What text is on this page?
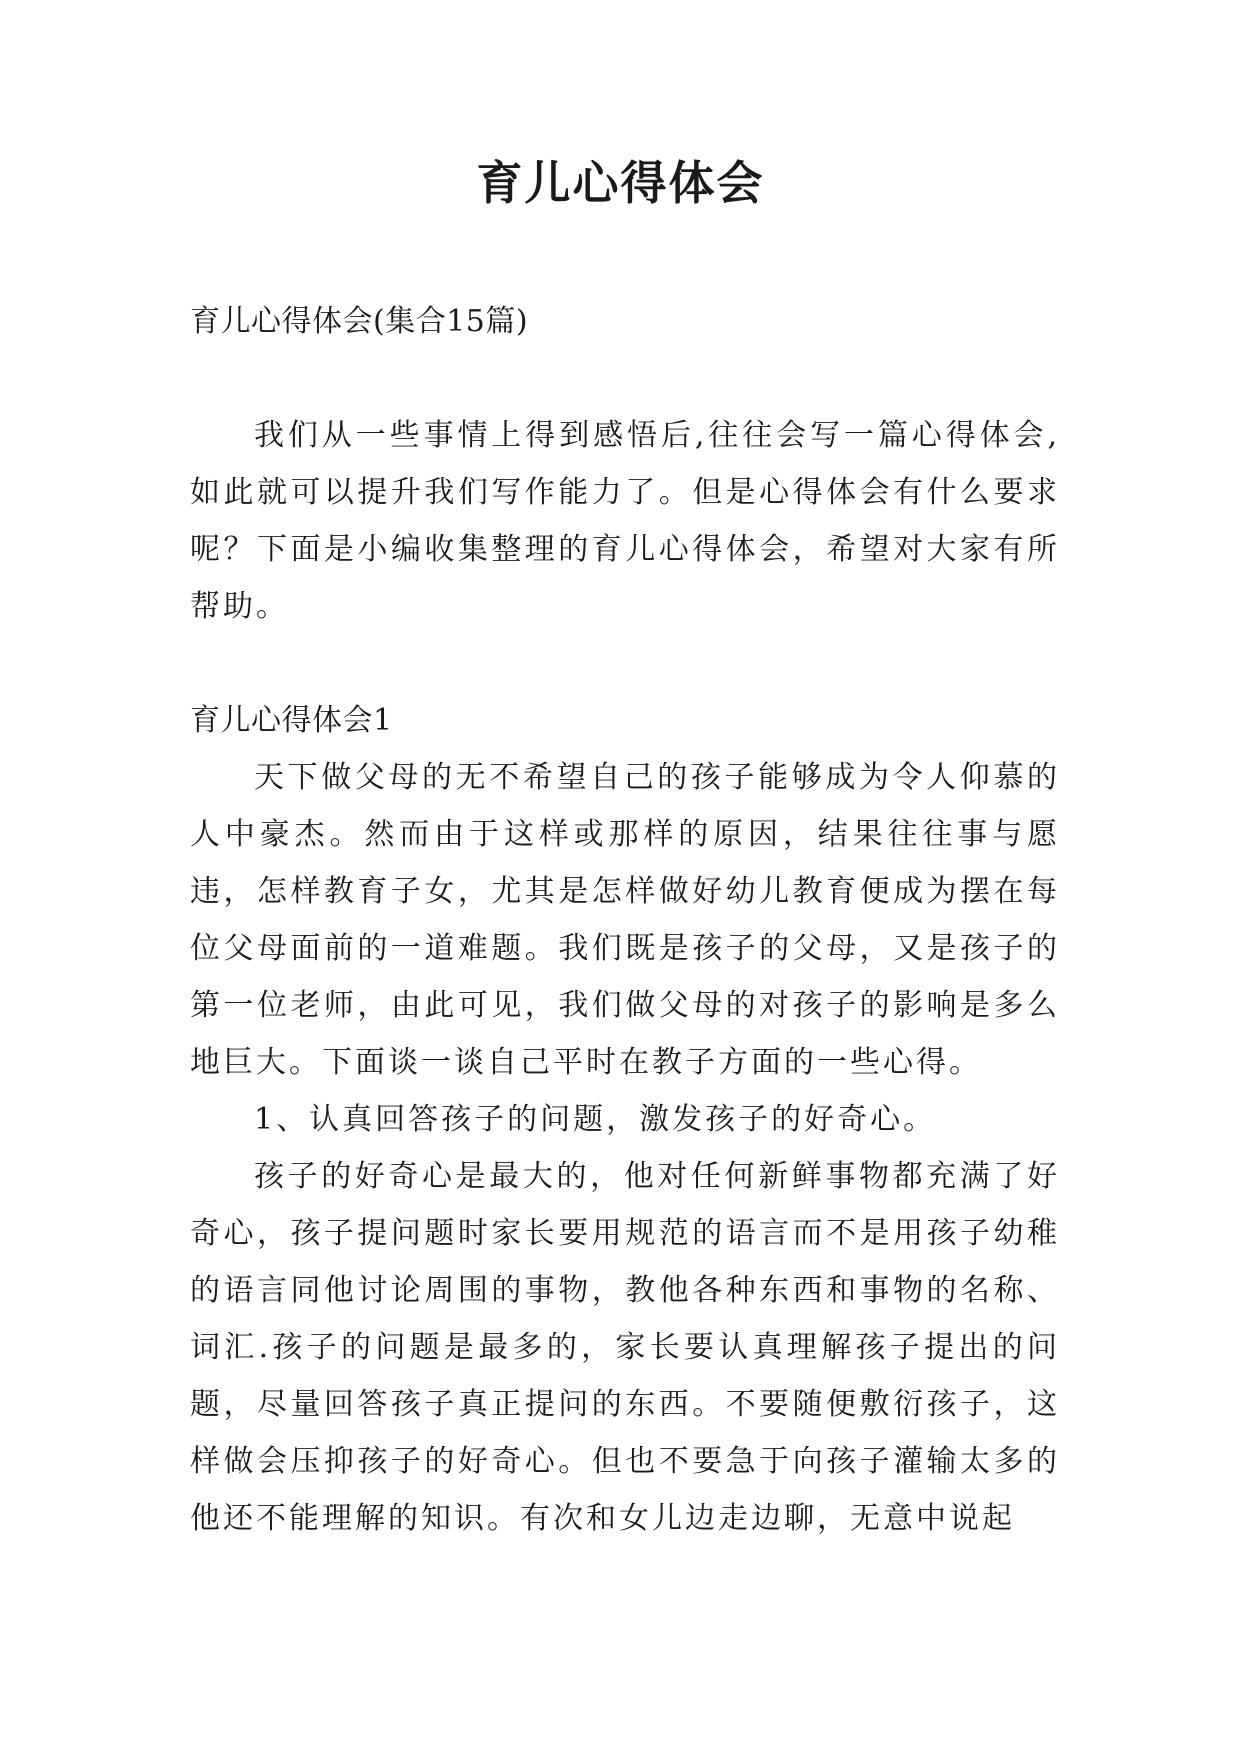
育儿心得体会

育儿心得体会(集合15篇)

我们从一些事情上得到感悟后,往往会写一篇心得体会,如此就可以提升我们写作能力了。但是心得体会有什么要求呢？下面是小编收集整理的育儿心得体会，希望对大家有所帮助。

育儿心得体会1

天下做父母的无不希望自己的孩子能够成为令人仰慕的人中豪杰。然而由于这样或那样的原因，结果往往事与愿违，怎样教育子女，尤其是怎样做好幼儿教育便成为摆在每位父母面前的一道难题。我们既是孩子的父母，又是孩子的第一位老师，由此可见，我们做父母的对孩子的影响是多么地巨大。下面谈一谈自己平时在教子方面的一些心得。

1、认真回答孩子的问题，激发孩子的好奇心。

孩子的好奇心是最大的，他对任何新鲜事物都充满了好奇心，孩子提问题时家长要用规范的语言而不是用孩子幼稚的语言同他讨论周围的事物，教他各种东西和事物的名称、词汇.孩子的问题是最多的，家长要认真理解孩子提出的问题，尽量回答孩子真正提问的东西。不要随便敷衍孩子，这样做会压抑孩子的好奇心。但也不要急于向孩子灌输太多的他还不能理解的知识。有次和女儿边走边聊，无意中说起
